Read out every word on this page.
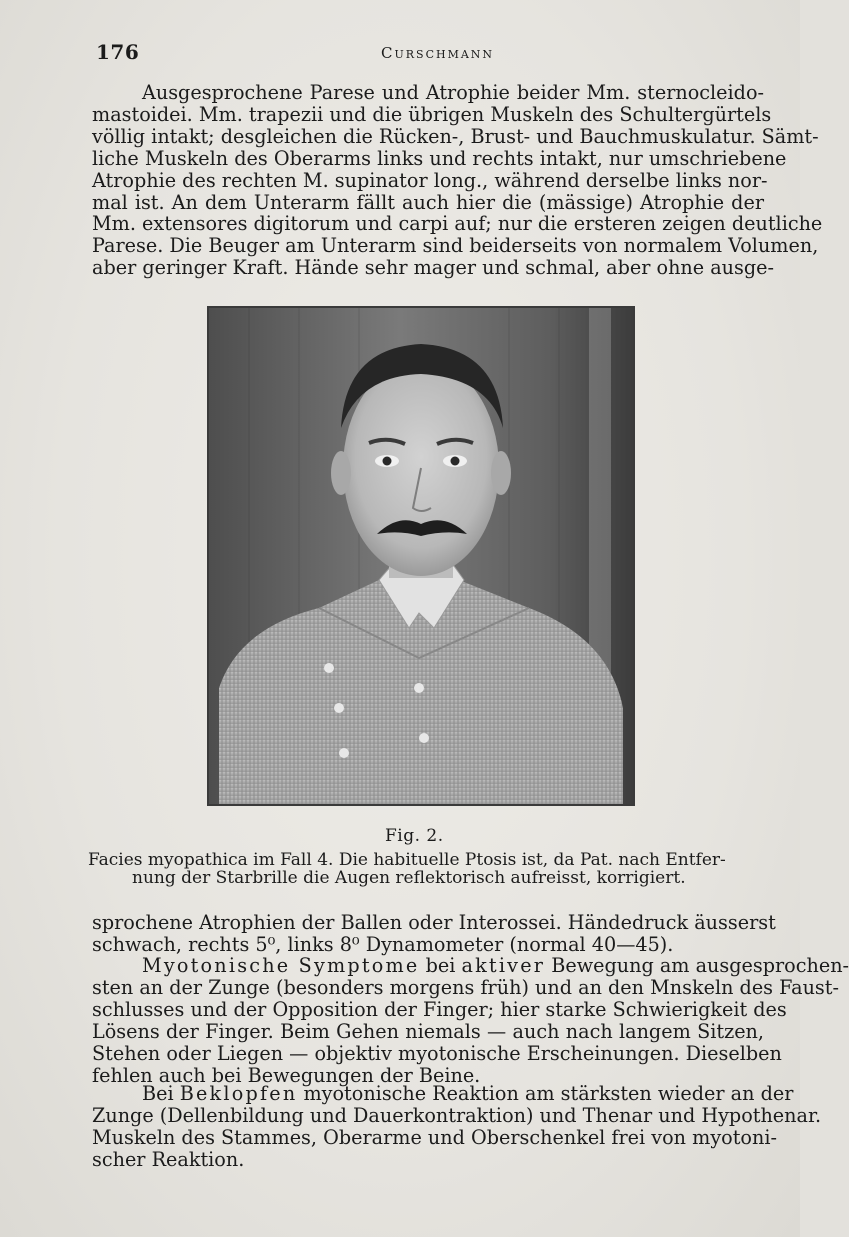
176	Curschmann

Ausgesprochene Parese und Atrophie beider Mm. sternocleido-
mastoidei. Mm. trapezii und die übrigen Muskeln des Schultergürtels
völlig intakt; desgleichen die Rücken-, Brust- und Bauchmuskulatur. Sämt-
liche Muskeln des Oberarms links und rechts intakt, nur umschriebene
Atrophie des rechten M. supinator long., während derselbe links nor-
mal ist. An dem Unterarm fällt auch hier die (mässige) Atrophie der
Mm. extensores digitorum und carpi auf; nur die ersteren zeigen deutliche
Parese. Die Beuger am Unterarm sind beiderseits von normalem Volumen,
aber geringer Kraft. Hände sehr mager und schmal, aber ohne ausge-

Fig. 2.
Facies myopathica im Fall 4. Die habituelle Ptosis ist, da Pat. nach Entfer-
nung der Starbrille die Augen reflektorisch aufreisst, korrigiert.

sprochene Atrophien der Ballen oder Interossei. Händedruck äusserst
schwach, rechts 5⁰, links 8⁰ Dynamometer (normal 40—45).

Myotonische Symptome bei aktiver Bewegung am ausgesprochen-
sten an der Zunge (besonders morgens früh) und an den Mnskeln des Faust-
schlusses und der Opposition der Finger; hier starke Schwierigkeit des
Lösens der Finger. Beim Gehen niemals — auch nach langem Sitzen,
Stehen oder Liegen — objektiv myotonische Erscheinungen. Dieselben
fehlen auch bei Bewegungen der Beine.

Bei Beklopfen myotonische Reaktion am stärksten wieder an der
Zunge (Dellenbildung und Dauerkontraktion) und Thenar und Hypothenar.
Muskeln des Stammes, Oberarme und Oberschenkel frei von myotoni-
scher Reaktion.
